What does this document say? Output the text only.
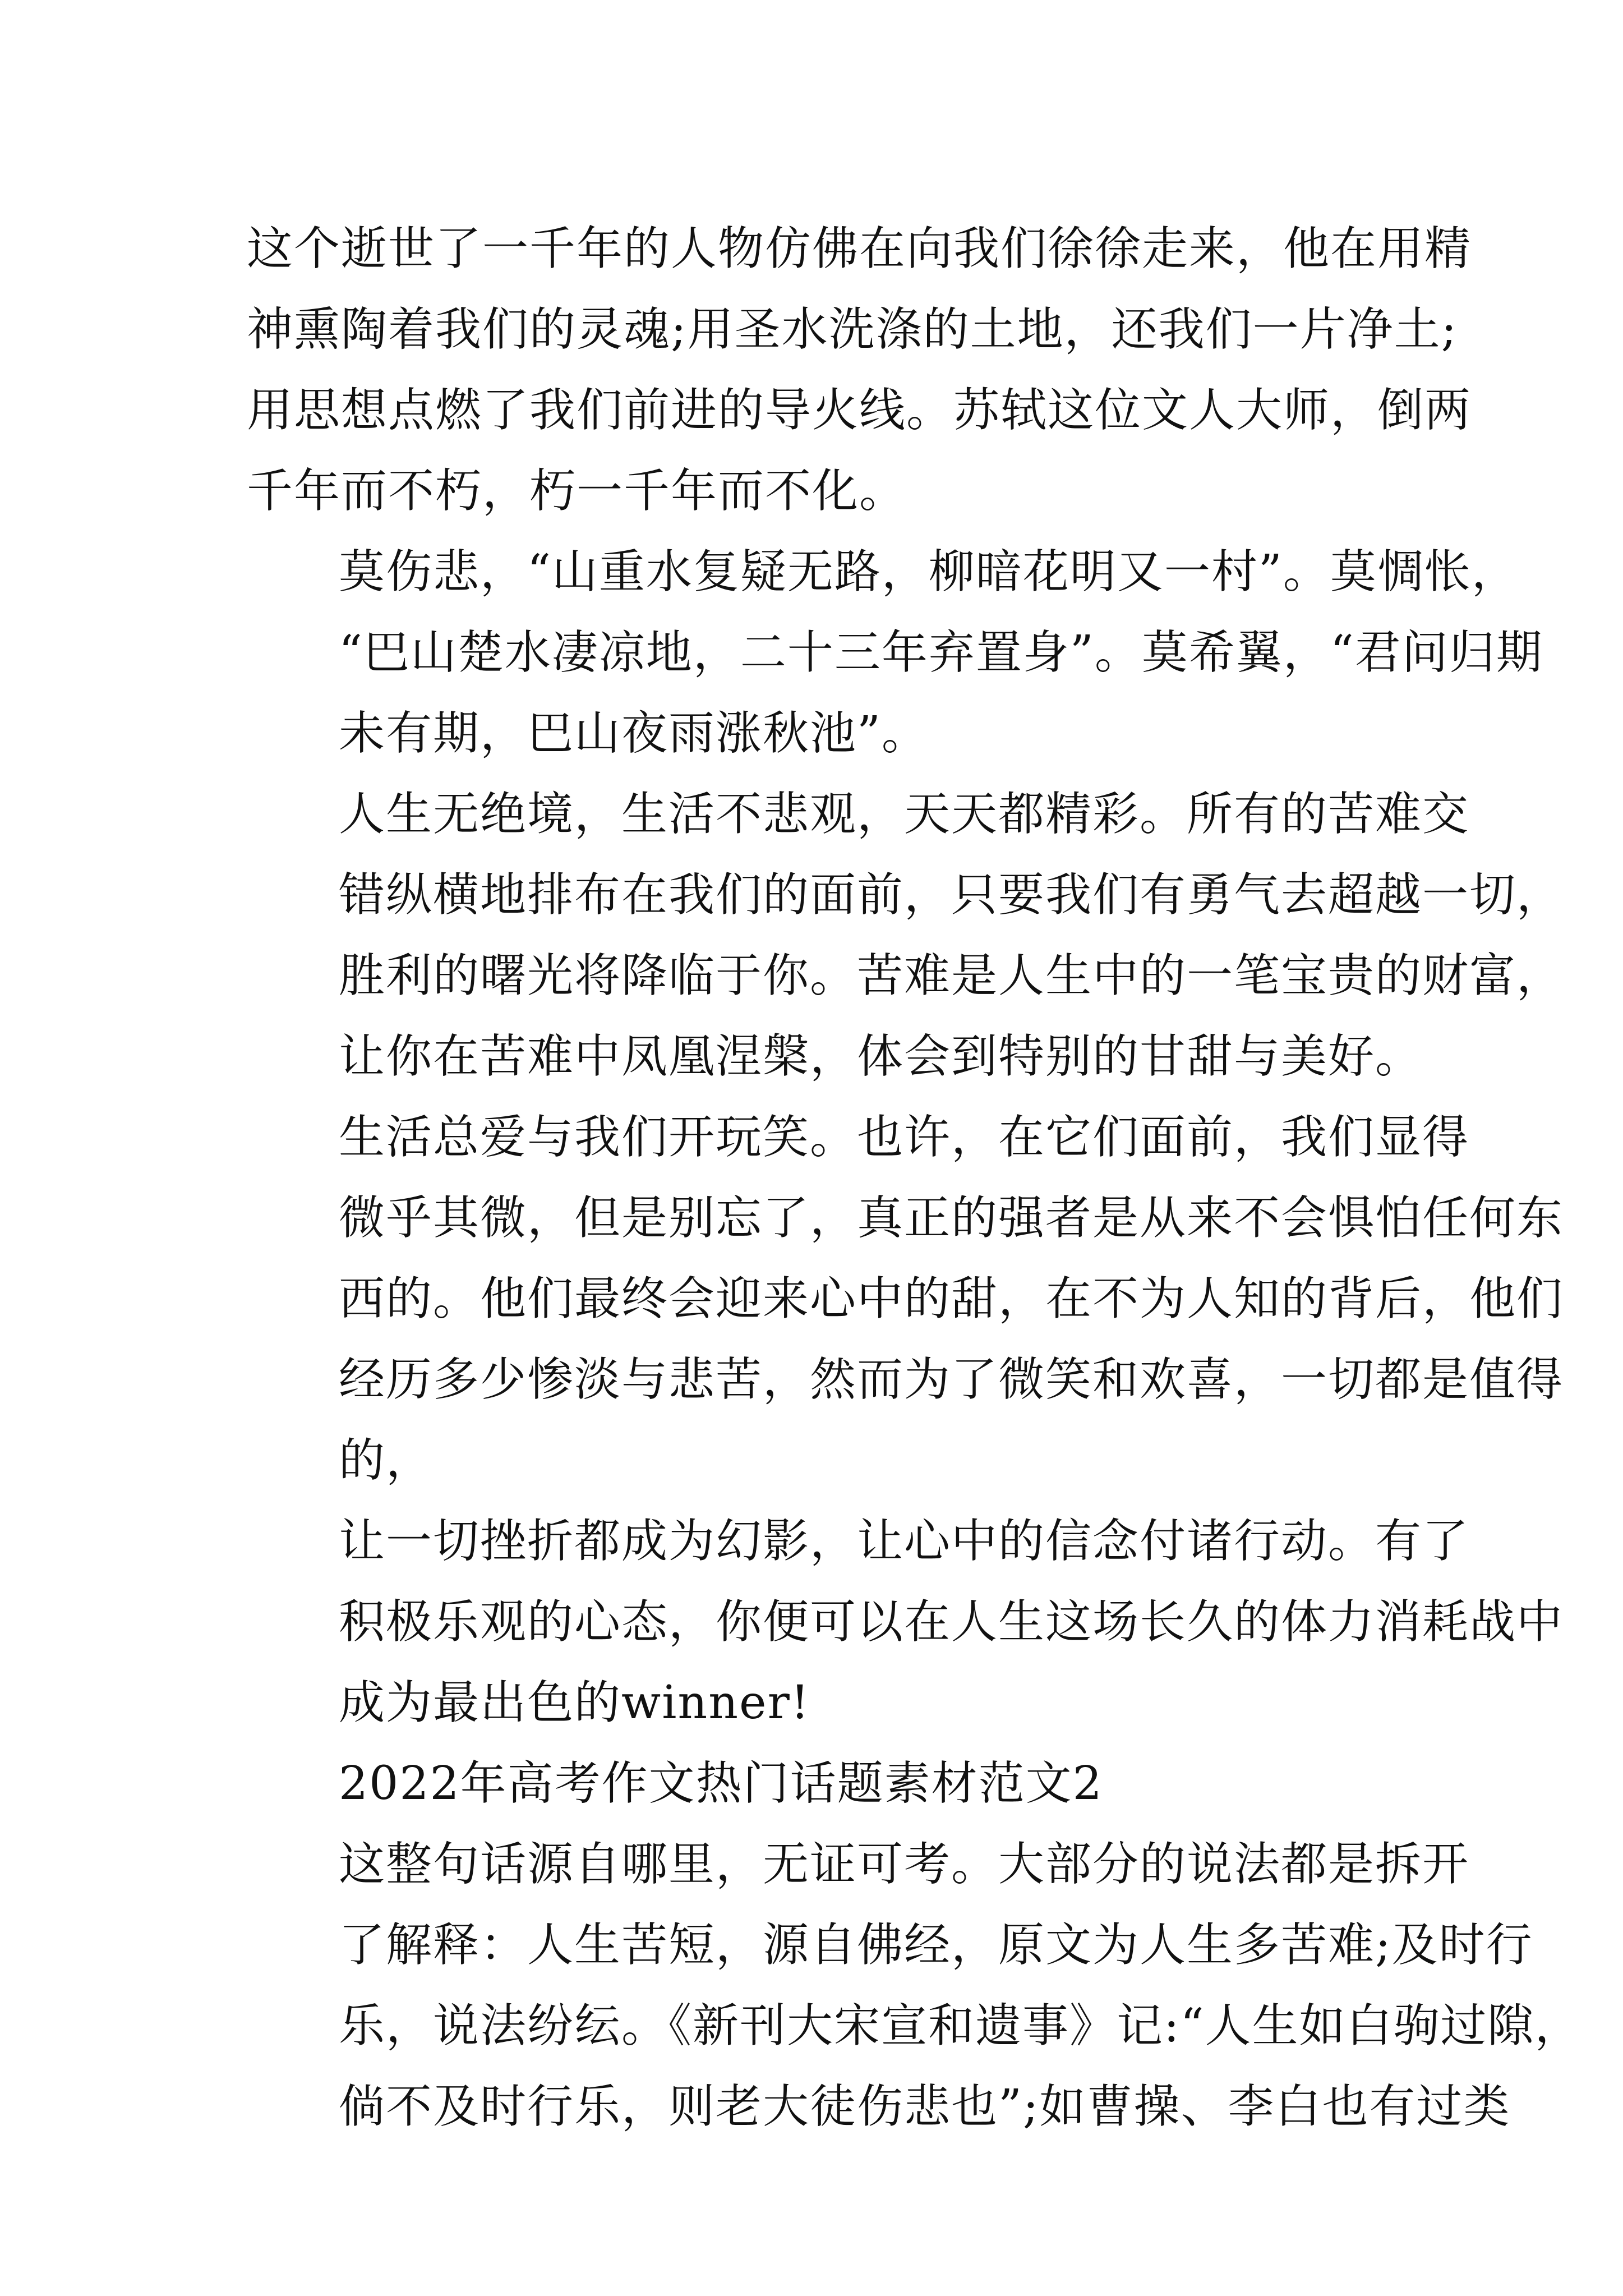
这个逝世了一千年的人物仿佛在向我们徐徐走来，他在用精
神熏陶着我们的灵魂;用圣水洗涤的土地，还我们一片净土;
用思想点燃了我们前进的导火线。苏轼这位文人大师，倒两
千年而不朽，朽一千年而不化。

莫伤悲，“山重水复疑无路，柳暗花明又一村”。莫惆怅，
“巴山楚水凄凉地，二十三年弃置身”。莫希翼，“君问归期
未有期，巴山夜雨涨秋池”。

人生无绝境，生活不悲观，天天都精彩。所有的苦难交
错纵横地排布在我们的面前，只要我们有勇气去超越一切，
胜利的曙光将降临于你。苦难是人生中的一笔宝贵的财富，
让你在苦难中凤凰涅槃，体会到特别的甘甜与美好。

生活总爱与我们开玩笑。也许，在它们面前，我们显得
微乎其微，但是别忘了，真正的强者是从来不会惧怕任何东
西的。他们最终会迎来心中的甜，在不为人知的背后，他们
经历多少惨淡与悲苦，然而为了微笑和欢喜，一切都是值得
的，

让一切挫折都成为幻影，让心中的信念付诸行动。有了
积极乐观的心态，你便可以在人生这场长久的体力消耗战中
成为最出色的winner!

2022年高考作文热门话题素材范文2

这整句话源自哪里，无证可考。大部分的说法都是拆开
了解释：人生苦短，源自佛经，原文为人生多苦难;及时行
乐，说法纷纭。《新刊大宋宣和遗事》记:“人生如白驹过隙，
倘不及时行乐，则老大徒伤悲也”;如曹操、李白也有过类
